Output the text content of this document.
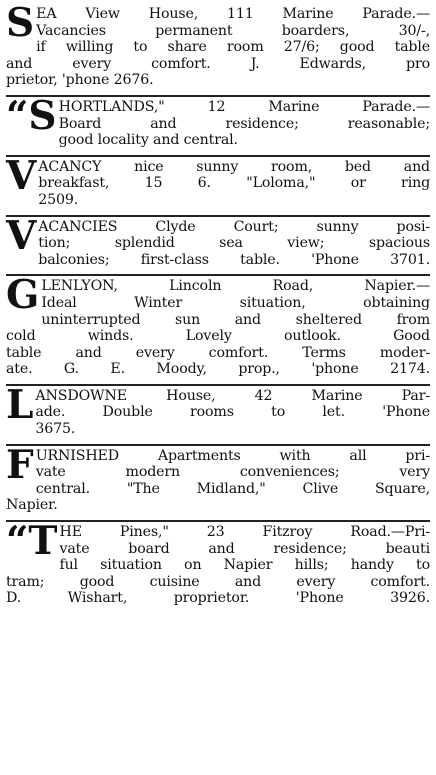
S EA View House, 111 Marine Parade.—
Vacancies permanent boarders, 30/-,
if willing to share room 27/6; good table
and every comfort. J. Edwards, pro
prietor, 'phone 2676.
“S HORTLANDS," 12 Marine Parade.—
Board and residence; reasonable;
good locality and central.
V ACANCY nice sunny room, bed and
breakfast, 15 6. "Loloma," or ring
2509.
V ACANCIES Clyde Court; sunny posi-
tion; splendid sea view; spacious
balconies; first-class table. 'Phone 3701.
G LENLYON, Lincoln Road, Napier.—
Ideal Winter situation, obtaining
uninterrupted sun and sheltered from
cold winds. Lovely outlook. Good
table and every comfort. Terms moder-
ate. G. E. Moody, prop., 'phone 2174.
L ANSDOWNE House, 42 Marine Par-
ade. Double rooms to let. 'Phone
3675.
F URNISHED Apartments with all pri-
vate modern conveniences; very
central. "The Midland," Clive Square,
Napier.
“T HE Pines," 23 Fitzroy Road.—Pri-
vate board and residence; beauti
ful situation on Napier hills; handy to
tram; good cuisine and every comfort.
D. Wishart, proprietor. 'Phone 3926.
